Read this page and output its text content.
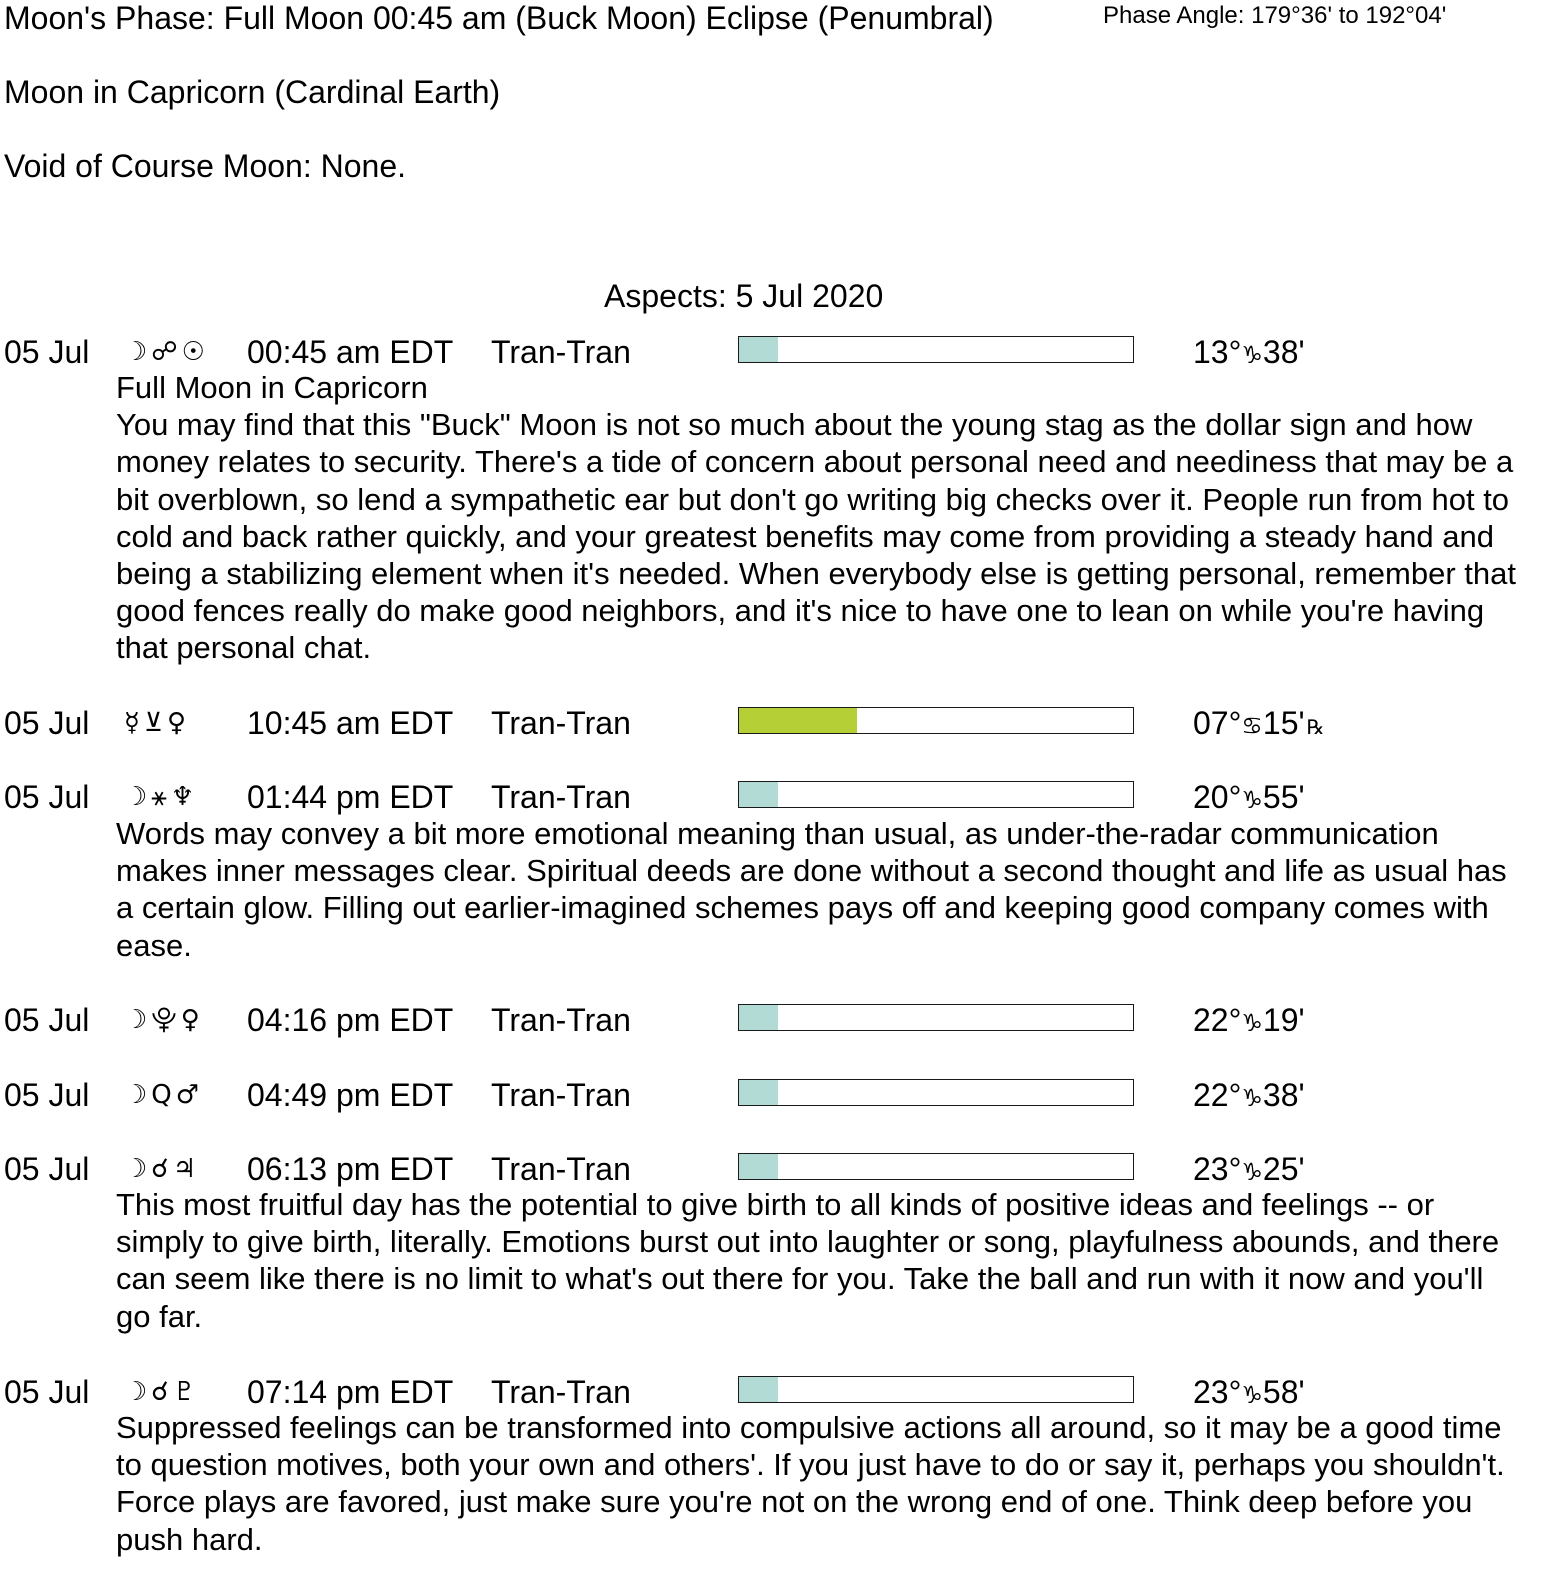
Moon's Phase: Full Moon 00:45 am (Buck Moon) Eclipse (Penumbral)	Phase Angle: 179°36' to 192°04'
Moon in Capricorn (Cardinal Earth)
Void of Course Moon: None.
Aspects: 5 Jul 2020
05 Jul ☽☍☉ 00:45 am EDT Tran-Tran	13°♑38'

Full Moon in Capricorn

You may find that this "Buck" Moon is not so much about the young stag as the dollar sign and how money relates to security. There's a tide of concern about personal need and neediness that may be a bit overblown, so lend a sympathetic ear but don't go writing big checks over it. People run from hot to cold and back rather quickly, and your greatest benefits may come from providing a steady hand and being a stabilizing element when it's needed. When everybody else is getting personal, remember that good fences really do make good neighbors, and it's nice to have one to lean on while you're having that personal chat.

05 Jul ☿⊻♀ 10:45 am EDT Tran-Tran	07°♋15' ℞
05 Jul ☽⚹♆ 01:44 pm EDT Tran-Tran	20°♑55'

Words may convey a bit more emotional meaning than usual, as under-the-radar communication makes inner messages clear. Spiritual deeds are done without a second thought and life as usual has a certain glow. Filling out earlier-imagined schemes pays off and keeping good company comes with ease.

05 Jul ☽⯓♀ 04:16 pm EDT Tran-Tran	22°♑19'
05 Jul ☽Q♂ 04:49 pm EDT Tran-Tran	22°♑38'
05 Jul ☽☌♃ 06:13 pm EDT Tran-Tran	23°♑25'

This most fruitful day has the potential to give birth to all kinds of positive ideas and feelings -- or simply to give birth, literally. Emotions burst out into laughter or song, playfulness abounds, and there can seem like there is no limit to what's out there for you. Take the ball and run with it now and you'll go far.

05 Jul ☽☌♇ 07:14 pm EDT Tran-Tran	23°♑58'

Suppressed feelings can be transformed into compulsive actions all around, so it may be a good time to question motives, both your own and others'. If you just have to do or say it, perhaps you shouldn't. Force plays are favored, just make sure you're not on the wrong end of one. Think deep before you push hard.
